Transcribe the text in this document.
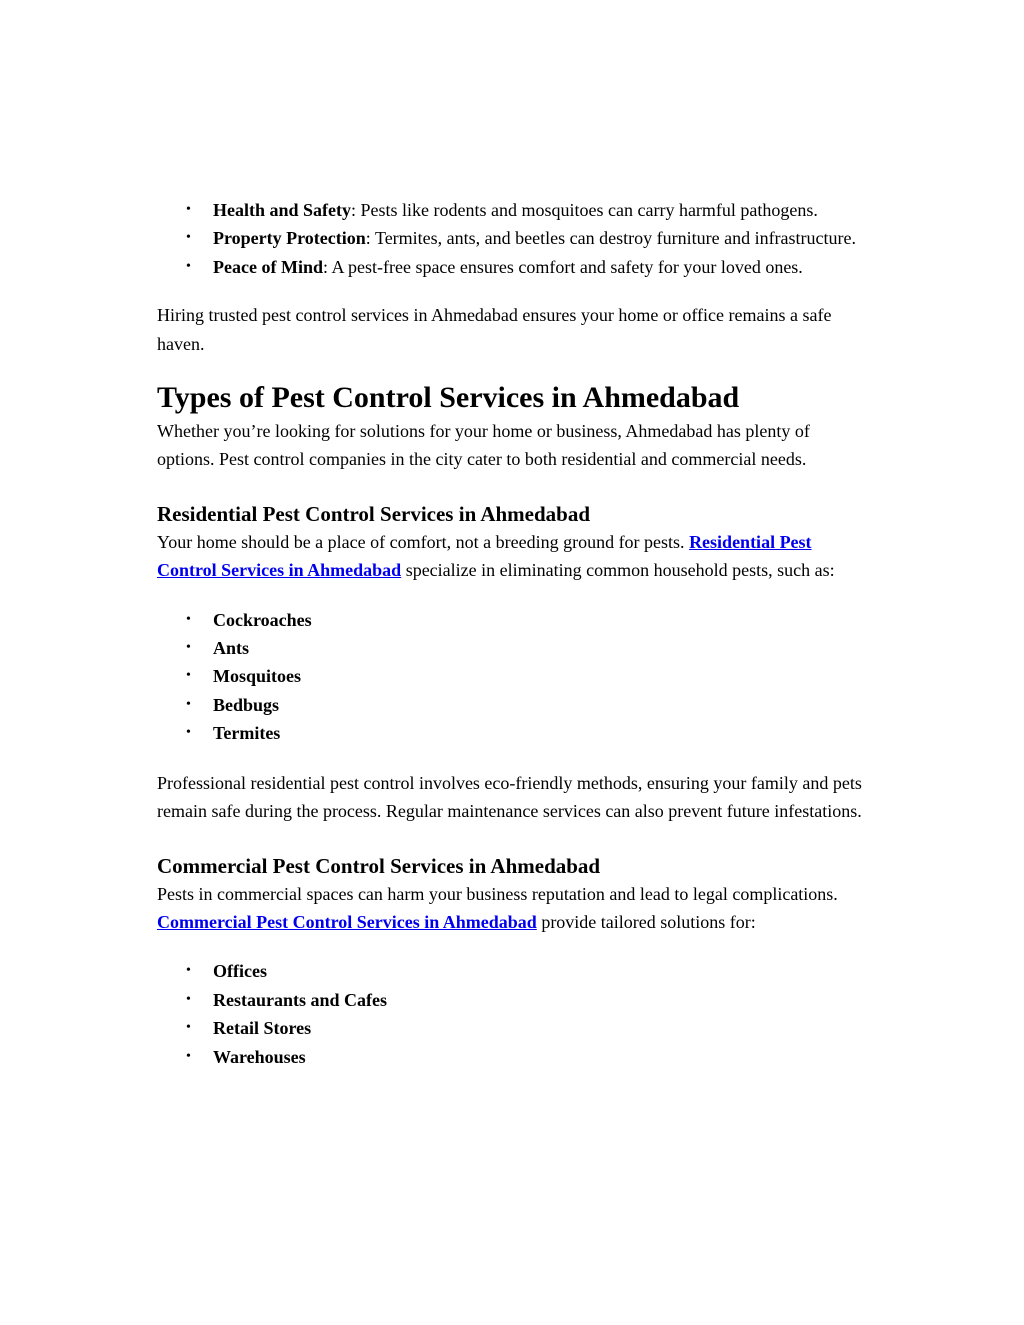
• Health and Safety: Pests like rodents and mosquitoes can carry harmful pathogens.
• Property Protection: Termites, ants, and beetles can destroy furniture and infrastructure.
• Peace of Mind: A pest-free space ensures comfort and safety for your loved ones.

Hiring trusted pest control services in Ahmedabad ensures your home or office remains a safe haven.

Types of Pest Control Services in Ahmedabad

Whether you’re looking for solutions for your home or business, Ahmedabad has plenty of options. Pest control companies in the city cater to both residential and commercial needs.

Residential Pest Control Services in Ahmedabad

Your home should be a place of comfort, not a breeding ground for pests. Residential Pest Control Services in Ahmedabad specialize in eliminating common household pests, such as:

• Cockroaches
• Ants
• Mosquitoes
• Bedbugs
• Termites

Professional residential pest control involves eco-friendly methods, ensuring your family and pets remain safe during the process. Regular maintenance services can also prevent future infestations.

Commercial Pest Control Services in Ahmedabad

Pests in commercial spaces can harm your business reputation and lead to legal complications. Commercial Pest Control Services in Ahmedabad provide tailored solutions for:

• Offices
• Restaurants and Cafes
• Retail Stores
• Warehouses
